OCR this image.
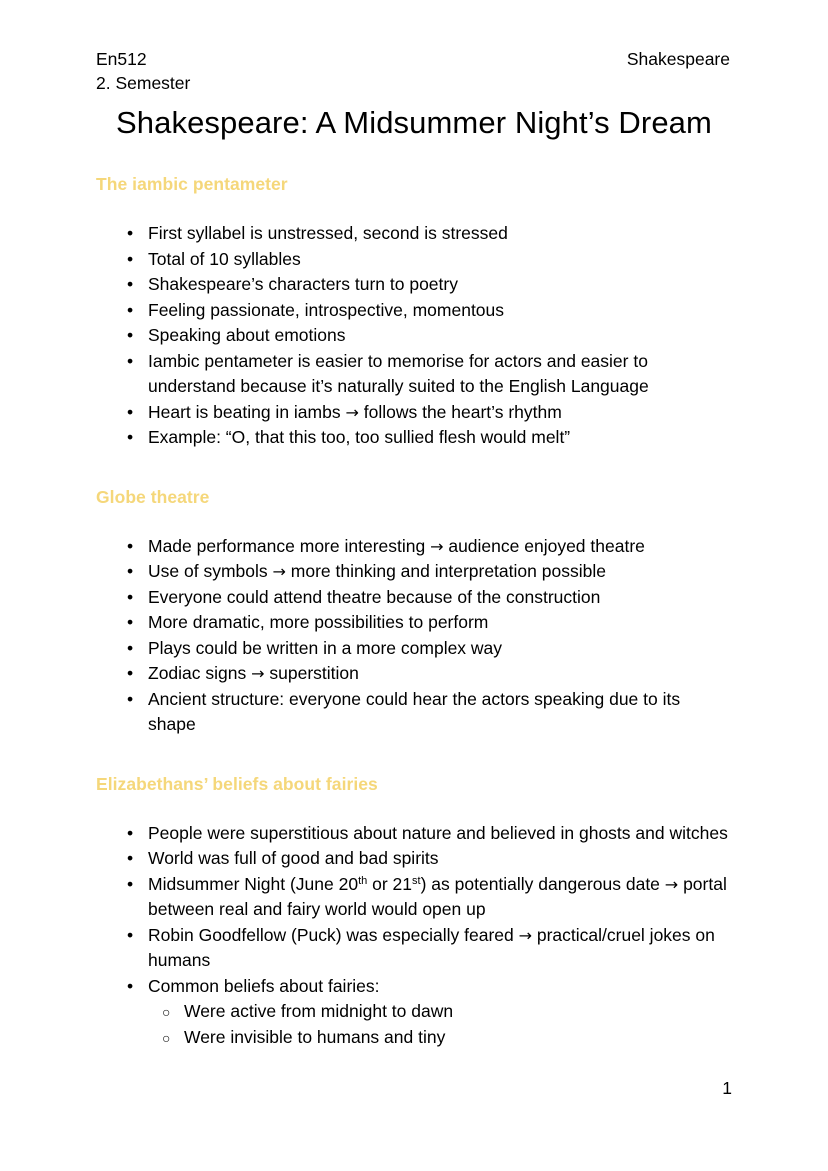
En512
2. Semester
Shakespeare
Shakespeare: A Midsummer Night’s Dream
The iambic pentameter
• First syllabel is unstressed, second is stressed
• Total of 10 syllables
• Shakespeare’s characters turn to poetry
• Feeling passionate, introspective, momentous
• Speaking about emotions
• Iambic pentameter is easier to memorise for actors and easier to understand because it’s naturally suited to the English Language
• Heart is beating in iambs → follows the heart’s rhythm
• Example: “O, that this too, too sullied flesh would melt”
Globe theatre
• Made performance more interesting → audience enjoyed theatre
• Use of symbols → more thinking and interpretation possible
• Everyone could attend theatre because of the construction
• More dramatic, more possibilities to perform
• Plays could be written in a more complex way
• Zodiac signs → superstition
• Ancient structure: everyone could hear the actors speaking due to its shape
Elizabethans’ beliefs about fairies
• People were superstitious about nature and believed in ghosts and witches
• World was full of good and bad spirits
• Midsummer Night (June 20th or 21st) as potentially dangerous date → portal between real and fairy world would open up
• Robin Goodfellow (Puck) was especially feared → practical/cruel jokes on humans
• Common beliefs about fairies:
○ Were active from midnight to dawn
○ Were invisible to humans and tiny
1
